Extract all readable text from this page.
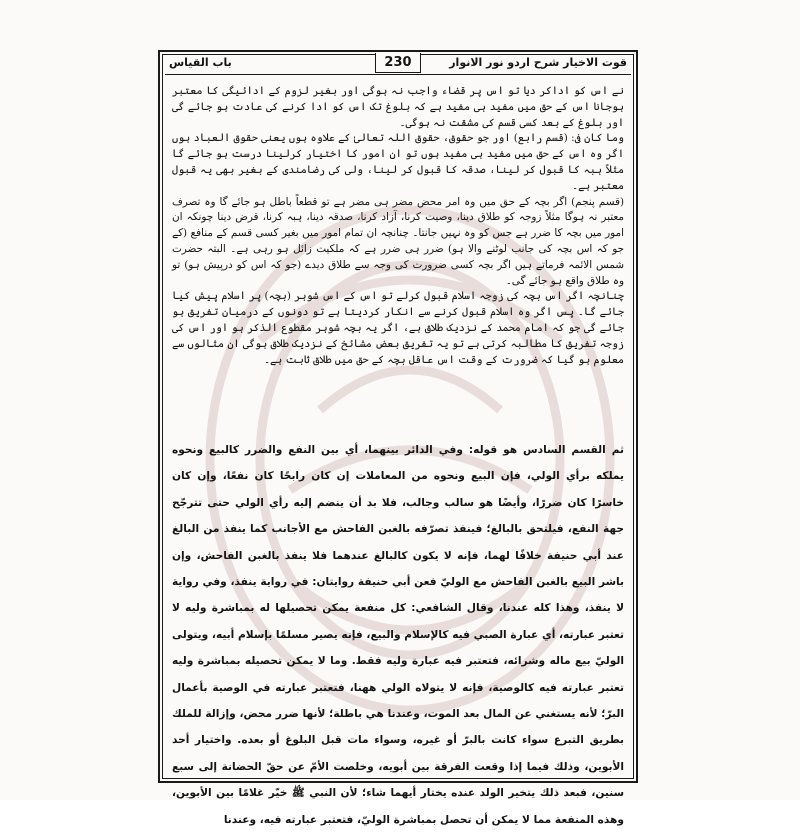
قوت الاخیار شرح اردو نور الانوار
230
باب القیاس

نے اس کو اداکر دیا تو اس پر قضاء واجب نہ ہوگی اور بغیر لزوم کے ادائیگی کا معتبر ہوجانا اس کے حق میں مفید ہی مفید ہے کہ بلوغ تک اس کو ادا کرنے کی عادت ہو جائے گی اور بلوغ کے بعد کسی قسم کی مشقت نہ ہوگی۔

وما کان فی: (قسم رابع) اور جو حقوق، حقوق اللہ تعالیٰ کے علاوہ ہوں یعنی حقوق العباد ہوں اگر وہ اس کے حق میں مفید ہی مفید ہوں تو ان امور کا اختیار کرلینا درست ہو جائے گا مثلاً ہبہ کا قبول کر لینا، صدقہ کا قبول کر لینا، ولی کی رضامندی کے بغیر بھی یہ قبول معتبر ہے۔

(قسم پنجم) اگر بچہ کے حق میں وہ امر محض مضر ہی مضر ہے تو قطعاً باطل ہو جائے گا وہ تصرف معتبر نہ ہوگا مثلاً زوجہ کو طلاق دینا، وصیت کرنا، آزاد کرنا، صدقہ دینا، ہبہ کرنا، قرض دینا چونکہ ان امور میں بچہ کا ضرر ہے جس کو وہ نہیں جانتا۔ چنانچہ ان تمام امور میں بغیر کسی قسم کے منافع (کے جو کہ اس بچہ کی جانب لوٹنے والا ہو) ضرر ہی ضرر ہے کہ ملکیت زائل ہو رہی ہے۔ البتہ حضرت شمس الائمہ فرماتے ہیں اگر بچہ کسی ضرورت کی وجہ سے طلاق دیدے (جو کہ اس کو درپیش ہو) تو وہ طلاق واقع ہو جائے گی۔

چنانچہ اگر اس بچہ کی زوجہ اسلام قبول کرلے تو اس کے اس شوہر (بچہ) پر اسلام پیش کیا جائے گا۔ پس اگر وہ اسلام قبول کرنے سے انکار کردیتا ہے تو دونوں کے درمیان تفریق ہو جائے گی جو کہ امام محمد کے نزدیک طلاق ہے، اگر یہ بچہ شوہر مقطوع الذکر ہو اور اس کی زوجہ تفریق کا مطالبہ کرتی ہے تو یہ تفریق بعض مشائخ کے نزدیک طلاق ہوگی ان مثالوں سے معلوم ہو گیا کہ ضرورت کے وقت اس عاقل بچہ کے حق میں طلاق ثابت ہے۔

ثم القسم السادس هو قوله: وفي الدائر بينهما، أي بين النفع والضرر كالبيع ونحوه يملكه برأي الولي، فإن البيع ونحوه من المعاملات إن كان رابحًا كان نفعًا، وإن كان خاسرًا كان ضررًا، وأيضًا هو سالب وجالب، فلا بد أن ينضم إليه رأي الولي حتى تترجّح جهة النفع، فيلتحق بالبالغ؛ فينفذ تصرّفه بالغبن الفاحش مع الأجانب كما ينفذ من البالغ عند أبي حنيفة خلافًا لهما، فإنه لا يكون كالبالغ عندهما فلا ينفذ بالغبن الفاحش، وإن باشر البيع بالغبن الفاحش مع الوليّ فعن أبي حنيفة روايتان: في رواية ينفذ، وفي رواية لا ينفذ، وهذا كله عندنا، وقال الشافعي: كل منفعة يمكن تحصيلها له بمباشرة وليه لا تعتبر عبارته، أي عبارة الصبي فيه كالإسلام والبيع، فإنه يصير مسلمًا بإسلام أبيه، ويتولى الوليّ بيع ماله وشرائه، فتعتبر فيه عبارة وليه فقط. وما لا يمكن تحصيله بمباشرة وليه تعتبر عبارته فيه كالوصية، فإنه لا يتولاه الولي ههنا، فتعتبر عبارته في الوصية بأعمال البرّ؛ لأنه يستغني عن المال بعد الموت، وعندنا هي باطلة؛ لأنها ضرر محض، وإزالة للملك بطريق التبرع سواء كانت بالبرّ أو غيره، وسواء مات قبل البلوغ أو بعده. واختيار أحد الأبوين، وذلك فيما إذا وقعت الفرقة بين أبويه، وخلصت الأمّ عن حقّ الحضانة إلى سبع سنين، فبعد ذلك يتخير الولد عنده يختار أيهما شاء؛ لأن النبي ﷺ خيّر غلامًا بين الأبوين، وهذه المنفعة مما لا يمكن أن تحصل بمباشرة الوليّ، فتعتبر عبارته فيه، وعندنا
